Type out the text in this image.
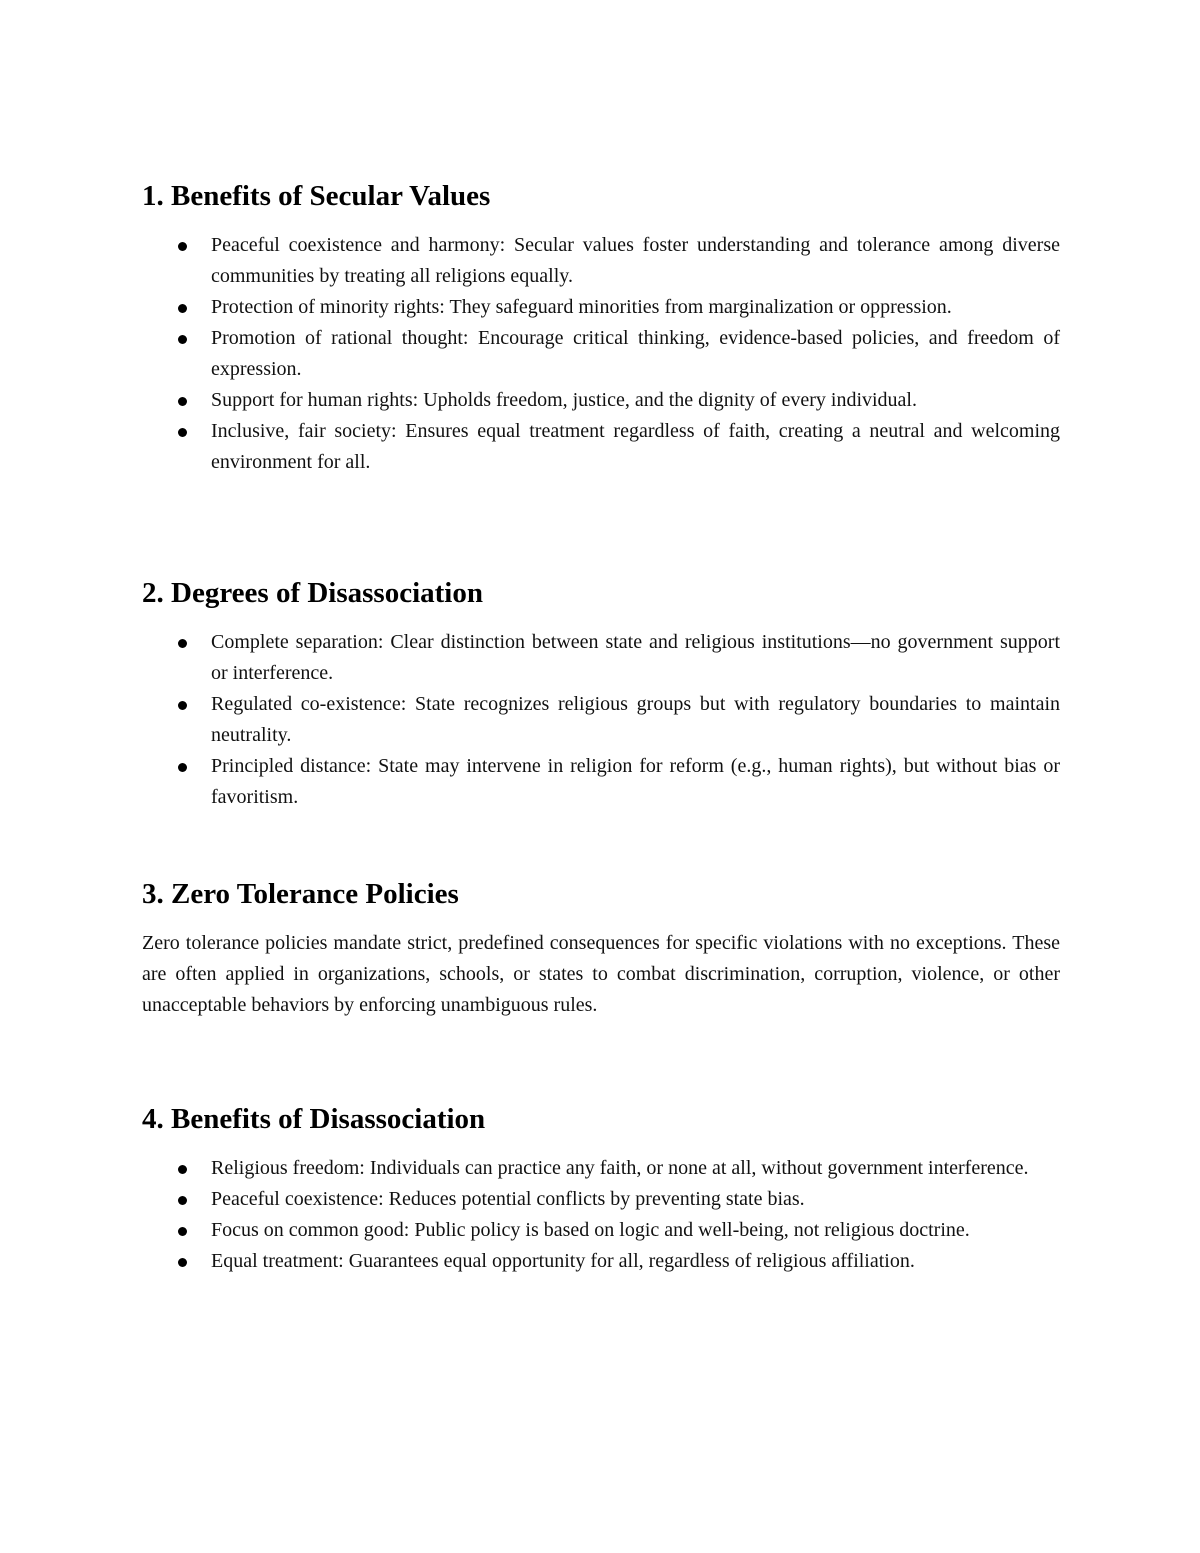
1. Benefits of Secular Values
Peaceful coexistence and harmony: Secular values foster understanding and tolerance among diverse communities by treating all religions equally.
Protection of minority rights: They safeguard minorities from marginalization or oppression.
Promotion of rational thought: Encourage critical thinking, evidence-based policies, and freedom of expression.
Support for human rights: Upholds freedom, justice, and the dignity of every individual.
Inclusive, fair society: Ensures equal treatment regardless of faith, creating a neutral and welcoming environment for all.
2. Degrees of Disassociation
Complete separation: Clear distinction between state and religious institutions—no government support or interference.
Regulated co-existence: State recognizes religious groups but with regulatory boundaries to maintain neutrality.
Principled distance: State may intervene in religion for reform (e.g., human rights), but without bias or favoritism.
3. Zero Tolerance Policies

Zero tolerance policies mandate strict, predefined consequences for specific violations with no exceptions. These are often applied in organizations, schools, or states to combat discrimination, corruption, violence, or other unacceptable behaviors by enforcing unambiguous rules.

4. Benefits of Disassociation
Religious freedom: Individuals can practice any faith, or none at all, without government interference.
Peaceful coexistence: Reduces potential conflicts by preventing state bias.
Focus on common good: Public policy is based on logic and well-being, not religious doctrine.
Equal treatment: Guarantees equal opportunity for all, regardless of religious affiliation.
